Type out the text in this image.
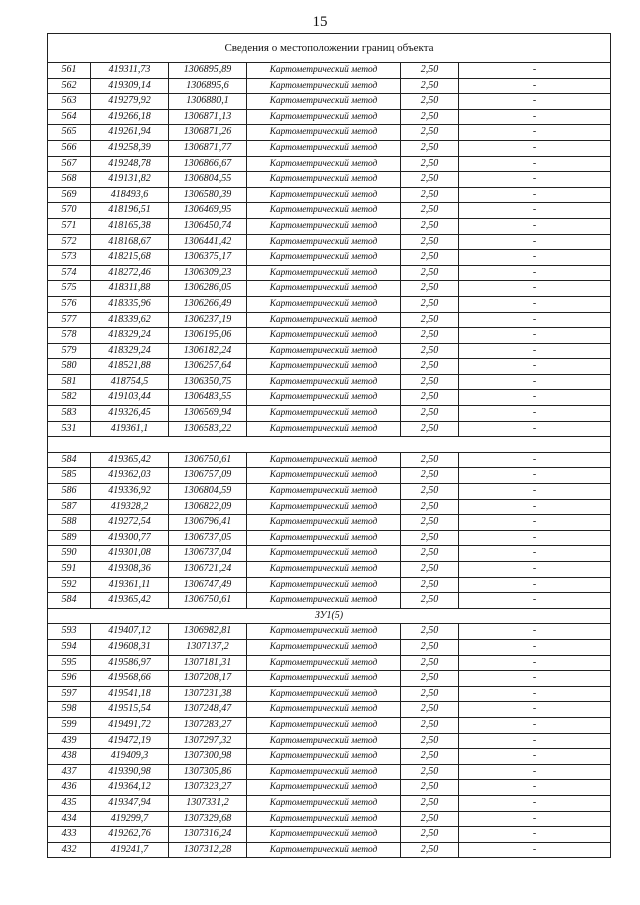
15
Сведения о местоположении границ объекта					
561	419311,73	1306895,89	Картометрический метод	2,50	-
562	419309,14	1306895,6	Картометрический метод	2,50	-
563	419279,92	1306880,1	Картометрический метод	2,50	-
564	419266,18	1306871,13	Картометрический метод	2,50	-
565	419261,94	1306871,26	Картометрический метод	2,50	-
566	419258,39	1306871,77	Картометрический метод	2,50	-
567	419248,78	1306866,67	Картометрический метод	2,50	-
568	419131,82	1306804,55	Картометрический метод	2,50	-
569	418493,6	1306580,39	Картометрический метод	2,50	-
570	418196,51	1306469,95	Картометрический метод	2,50	-
571	418165,38	1306450,74	Картометрический метод	2,50	-
572	418168,67	1306441,42	Картометрический метод	2,50	-
573	418215,68	1306375,17	Картометрический метод	2,50	-
574	418272,46	1306309,23	Картометрический метод	2,50	-
575	418311,88	1306286,05	Картометрический метод	2,50	-
576	418335,96	1306266,49	Картометрический метод	2,50	-
577	418339,62	1306237,19	Картометрический метод	2,50	-
578	418329,24	1306195,06	Картометрический метод	2,50	-
579	418329,24	1306182,24	Картометрический метод	2,50	-
580	418521,88	1306257,64	Картометрический метод	2,50	-
581	418754,5	1306350,75	Картометрический метод	2,50	-
582	419103,44	1306483,55	Картометрический метод	2,50	-
583	419326,45	1306569,94	Картометрический метод	2,50	-
531	419361,1	1306583,22	Картометрический метод	2,50	-

584	419365,42	1306750,61	Картометрический метод	2,50	-
585	419362,03	1306757,09	Картометрический метод	2,50	-
586	419336,92	1306804,59	Картометрический метод	2,50	-
587	419328,2	1306822,09	Картометрический метод	2,50	-
588	419272,54	1306796,41	Картометрический метод	2,50	-
589	419300,77	1306737,05	Картометрический метод	2,50	-
590	419301,08	1306737,04	Картометрический метод	2,50	-
591	419308,36	1306721,24	Картометрический метод	2,50	-
592	419361,11	1306747,49	Картометрический метод	2,50	-
584	419365,42	1306750,61	Картометрический метод	2,50	-
ЗУ1(5)					
593	419407,12	1306982,81	Картометрический метод	2,50	-
594	419608,31	1307137,2	Картометрический метод	2,50	-
595	419586,97	1307181,31	Картометрический метод	2,50	-
596	419568,66	1307208,17	Картометрический метод	2,50	-
597	419541,18	1307231,38	Картометрический метод	2,50	-
598	419515,54	1307248,47	Картометрический метод	2,50	-
599	419491,72	1307283,27	Картометрический метод	2,50	-
439	419472,19	1307297,32	Картометрический метод	2,50	-
438	419409,3	1307300,98	Картометрический метод	2,50	-
437	419390,98	1307305,86	Картометрический метод	2,50	-
436	419364,12	1307323,27	Картометрический метод	2,50	-
435	419347,94	1307331,2	Картометрический метод	2,50	-
434	419299,7	1307329,68	Картометрический метод	2,50	-
433	419262,76	1307316,24	Картометрический метод	2,50	-
432	419241,7	1307312,28	Картометрический метод	2,50	-
